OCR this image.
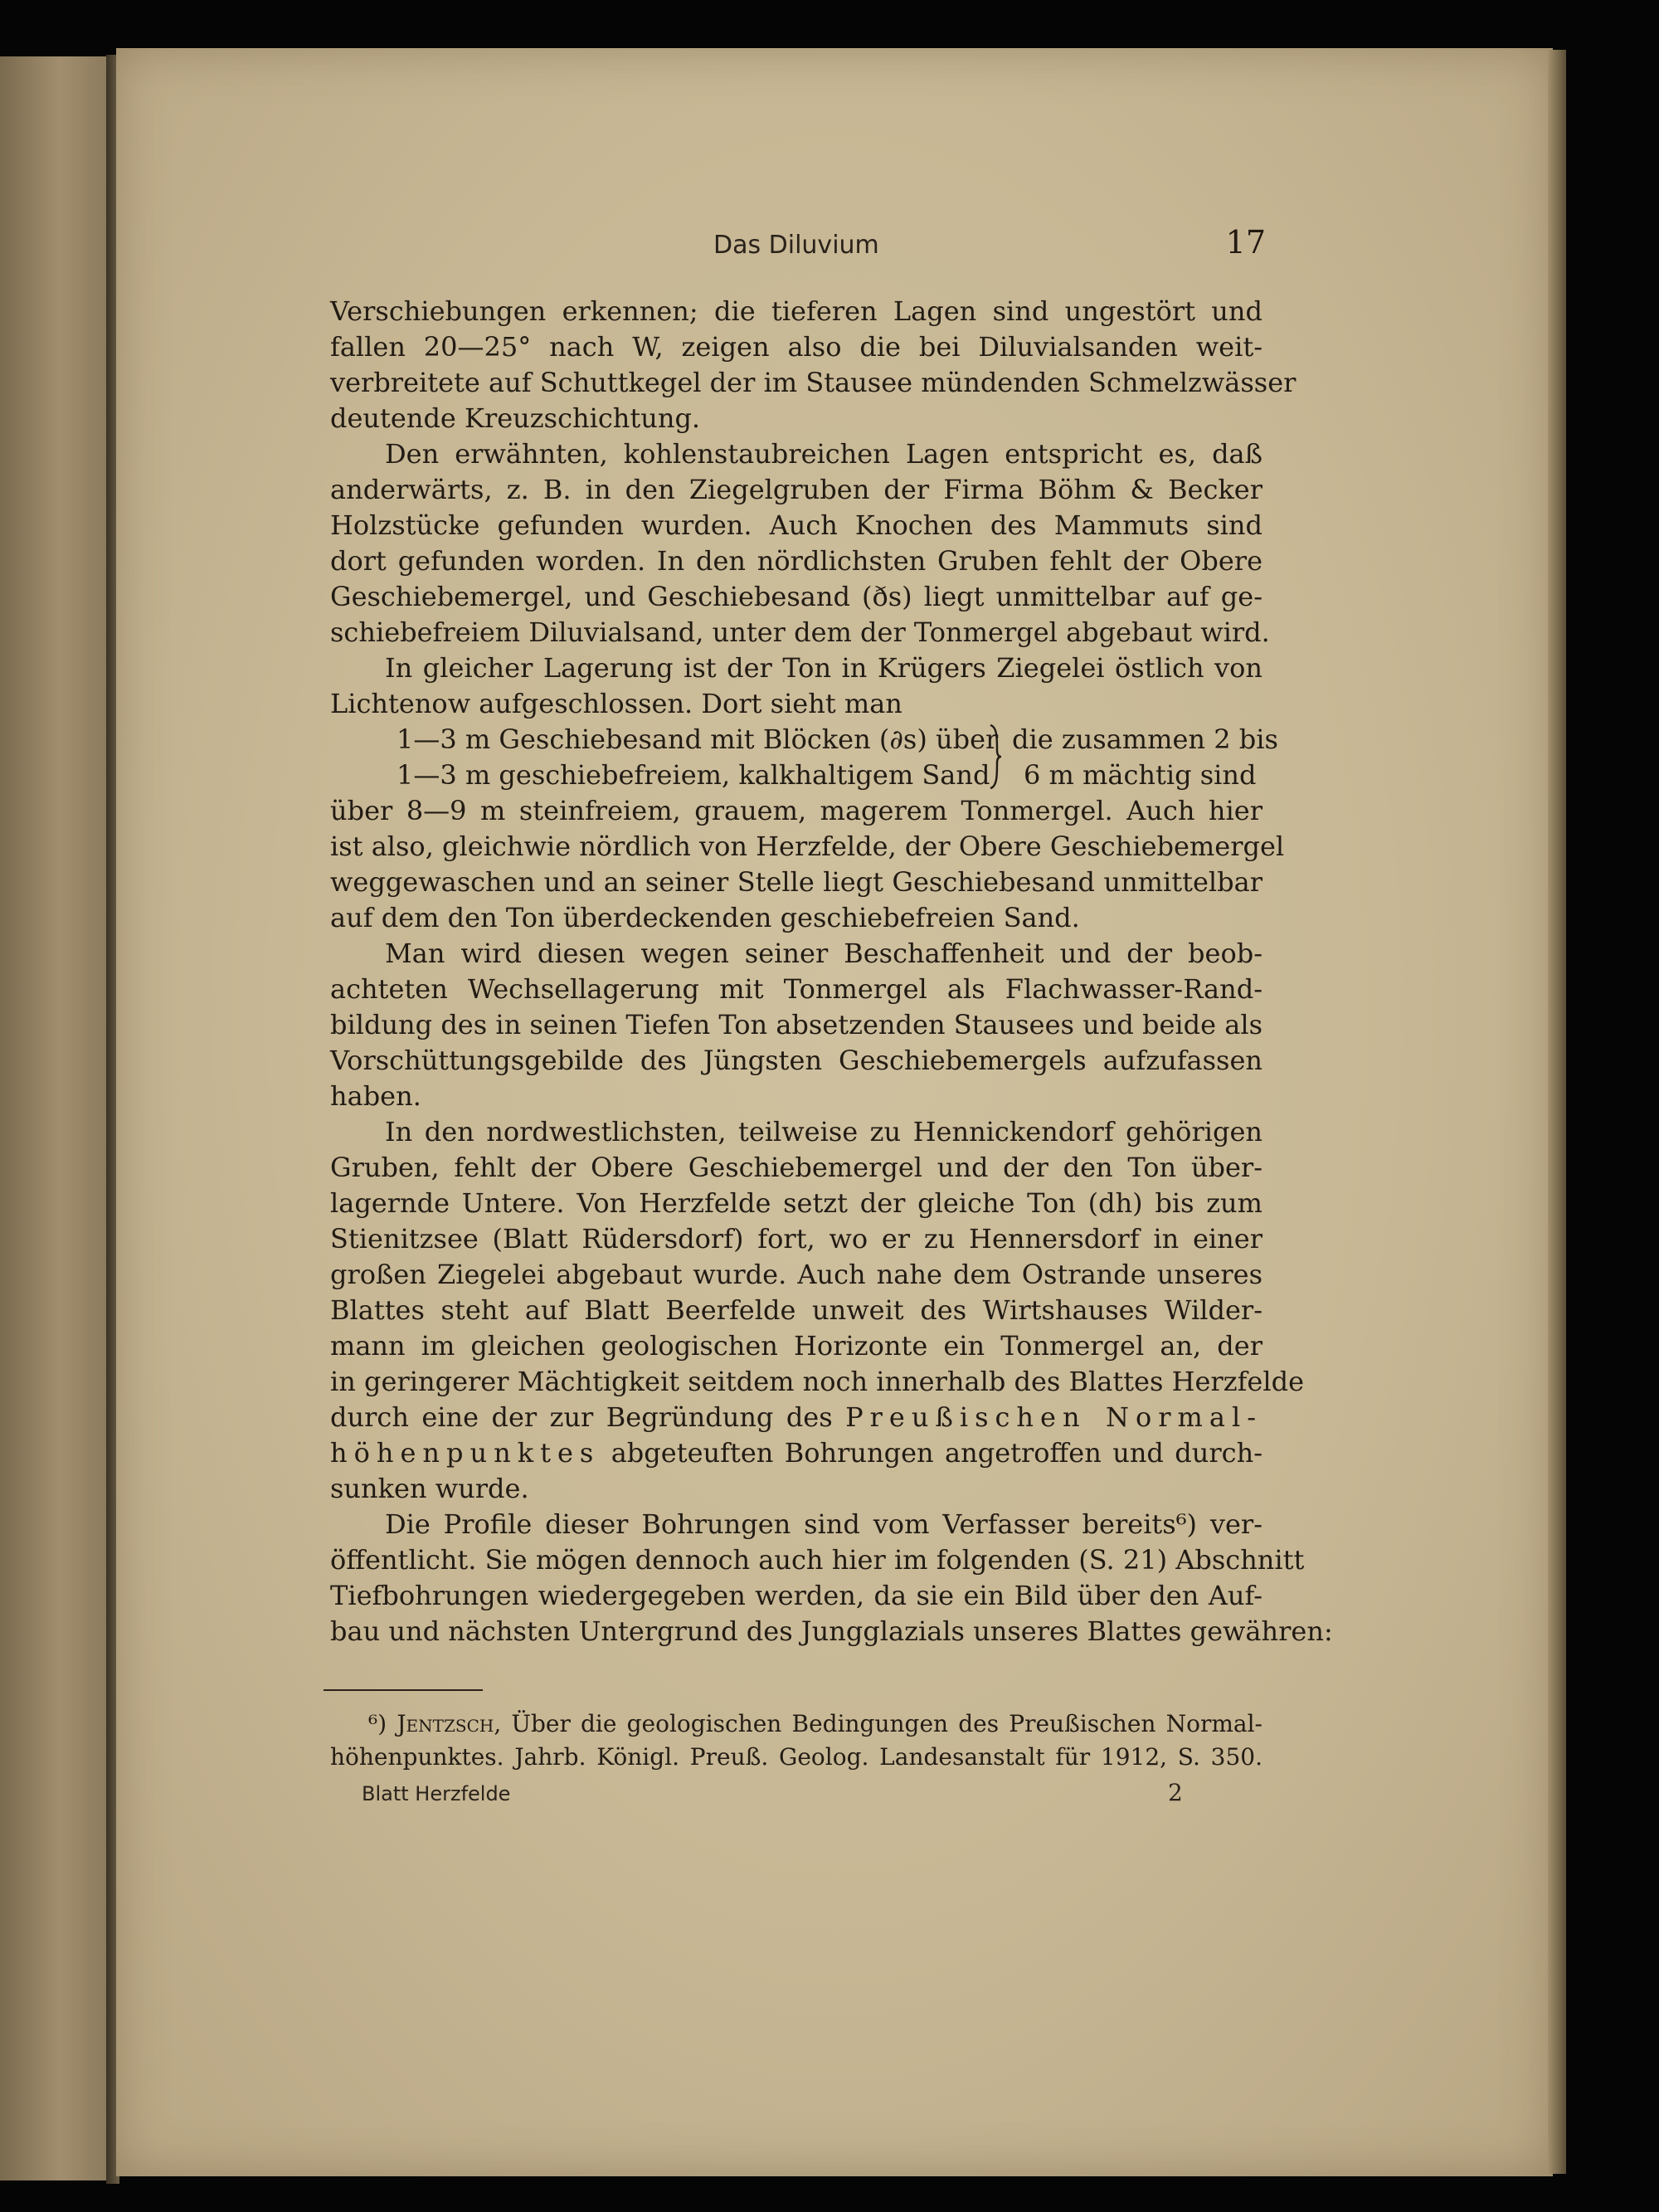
Das Diluvium	17
Verschiebungen erkennen; die tieferen Lagen sind ungestört und
fallen 20—25° nach W, zeigen also die bei Diluvialsanden weit-
verbreitete auf Schuttkegel der im Stausee mündenden Schmelzwässer
deutende Kreuzschichtung.
Den erwähnten, kohlenstaubreichen Lagen entspricht es, daß
anderwärts, z. B. in den Ziegelgruben der Firma Böhm & Becker
Holzstücke gefunden wurden. Auch Knochen des Mammuts sind
dort gefunden worden. In den nördlichsten Gruben fehlt der Obere
Geschiebemergel, und Geschiebesand (ðs) liegt unmittelbar auf ge-
schiebefreiem Diluvialsand, unter dem der Tonmergel abgebaut wird.
In gleicher Lagerung ist der Ton in Krügers Ziegelei östlich von
Lichtenow aufgeschlossen. Dort sieht man
1—3 m Geschiebesand mit Blöcken (∂s) über
1—3 m geschiebefreiem, kalkhaltigem Sand
die zusammen 2 bis
6 m mächtig sind
über 8—9 m steinfreiem, grauem, magerem Tonmergel. Auch hier
ist also, gleichwie nördlich von Herzfelde, der Obere Geschiebemergel
weggewaschen und an seiner Stelle liegt Geschiebesand unmittelbar
auf dem den Ton überdeckenden geschiebefreien Sand.
Man wird diesen wegen seiner Beschaffenheit und der beob-
achteten Wechsellagerung mit Tonmergel als Flachwasser-Rand-
bildung des in seinen Tiefen Ton absetzenden Stausees und beide als
Vorschüttungsgebilde des Jüngsten Geschiebemergels aufzufassen
haben.
In den nordwestlichsten, teilweise zu Hennickendorf gehörigen
Gruben, fehlt der Obere Geschiebemergel und der den Ton über-
lagernde Untere. Von Herzfelde setzt der gleiche Ton (dh) bis zum
Stienitzsee (Blatt Rüdersdorf) fort, wo er zu Hennersdorf in einer
großen Ziegelei abgebaut wurde. Auch nahe dem Ostrande unseres
Blattes steht auf Blatt Beerfelde unweit des Wirtshauses Wilder-
mann im gleichen geologischen Horizonte ein Tonmergel an, der
in geringerer Mächtigkeit seitdem noch innerhalb des Blattes Herzfelde
durch eine der zur Begründung des Preußischen Normal-
höhenpunktes abgeteuften Bohrungen angetroffen und durch-
sunken wurde.
Die Profile dieser Bohrungen sind vom Verfasser bereits⁶) ver-
öffentlicht. Sie mögen dennoch auch hier im folgenden (S. 21) Abschnitt
Tiefbohrungen wiedergegeben werden, da sie ein Bild über den Auf-
bau und nächsten Untergrund des Jungglazials unseres Blattes gewähren:
⁶) Jentzsch, Über die geologischen Bedingungen des Preußischen Normal-
höhenpunktes. Jahrb. Königl. Preuß. Geolog. Landesanstalt für 1912, S. 350.
Blatt Herzfelde	2
